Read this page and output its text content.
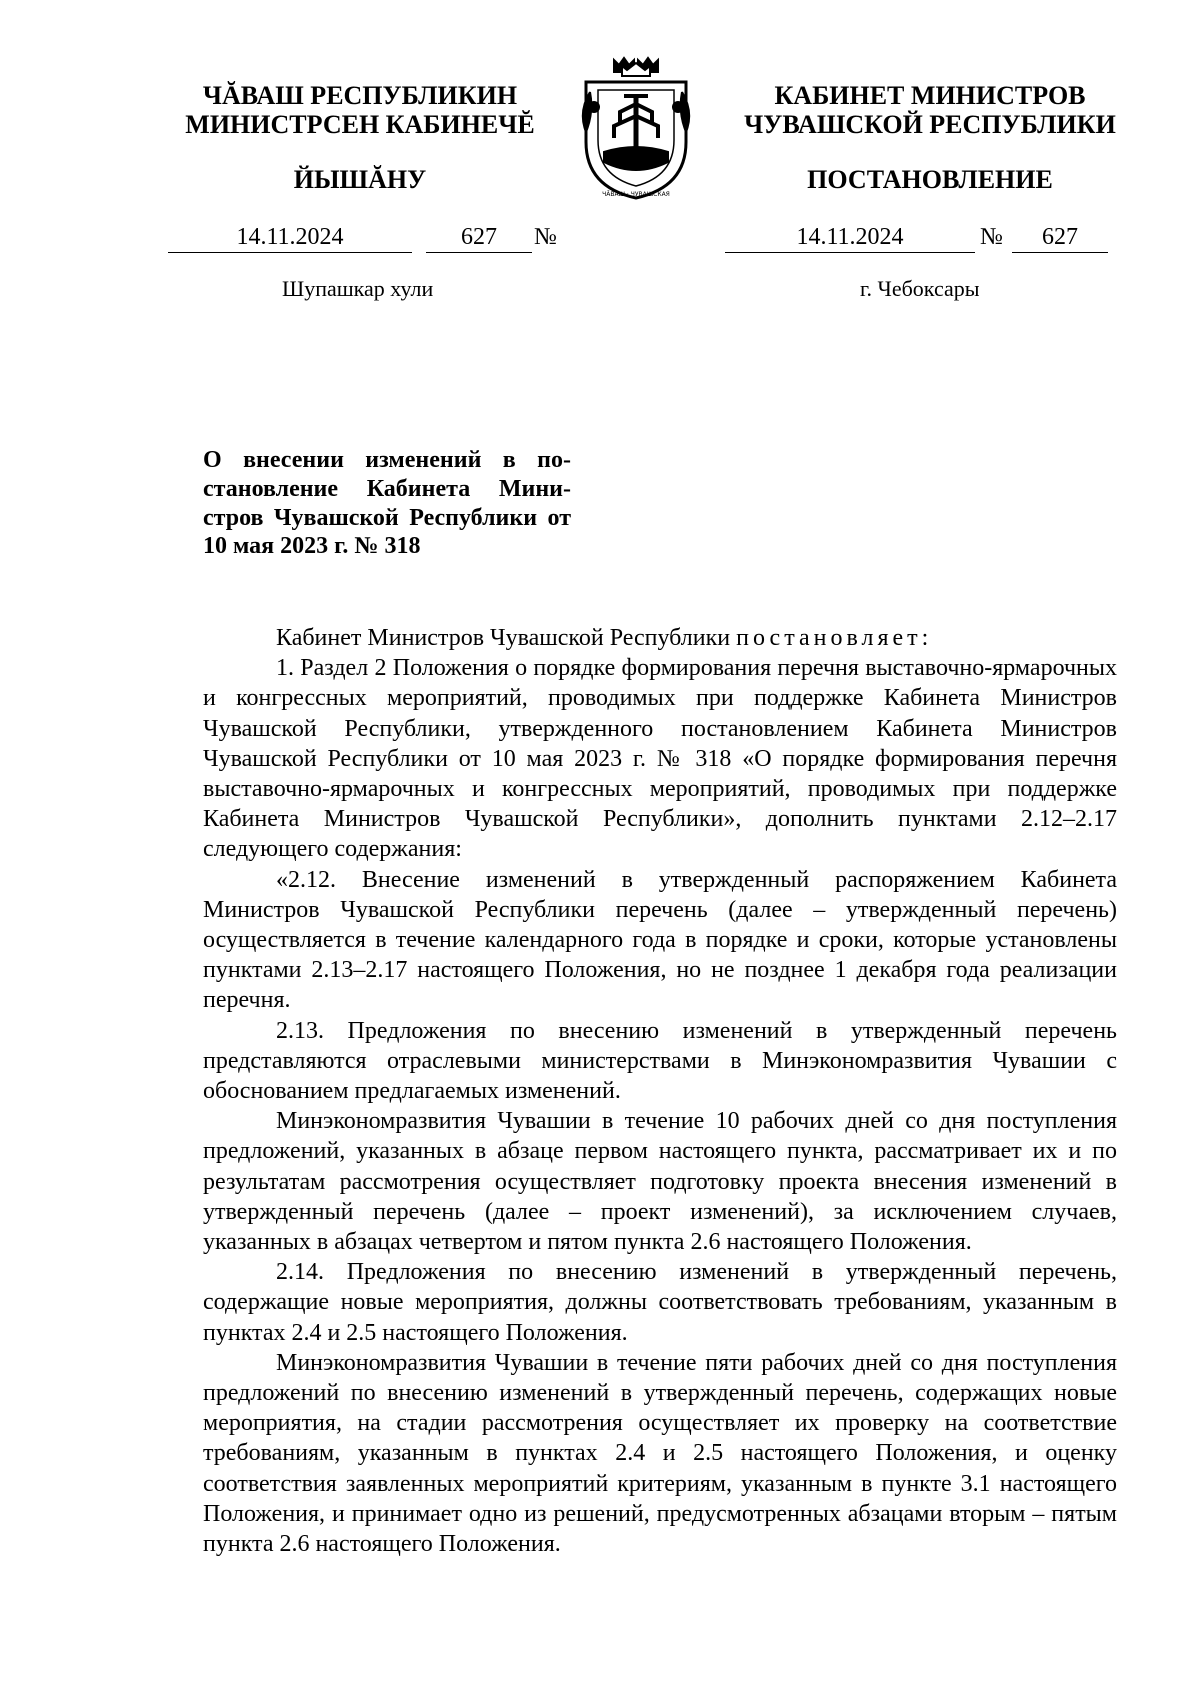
ЧĂВАШ РЕСПУБЛИКИН
МИНИСТРСЕН КАБИНЕЧĔ
ЙЫШĂНУ
КАБИНЕТ МИНИСТРОВ
ЧУВАШСКОЙ РЕСПУБЛИКИ
ПОСТАНОВЛЕНИЕ
ЧĂВАШ · ЧУВАШСКАЯ
14.11.2024	627	№	14.11.2024	№	627
Шупашкар хули	г. Чебоксары
О внесении изменений в по-становление Кабинета Мини-стров Чувашской Республики от 10 мая 2023 г. № 318

Кабинет Министров Чувашской Республики постановляет:

1. Раздел 2 Положения о порядке формирования перечня выставочно-ярмарочных и конгрессных мероприятий, проводимых при поддержке Кабинета Министров Чувашской Республики, утвержденного постановлением Кабинета Министров Чувашской Республики от 10 мая 2023 г. № 318 «О порядке формирования перечня выставочно-ярмарочных и конгрессных мероприятий, проводимых при поддержке Кабинета Министров Чувашской Республики», дополнить пунктами 2.12–2.17 следующего содержания:

«2.12. Внесение изменений в утвержденный распоряжением Кабинета Министров Чувашской Республики перечень (далее – утвержденный перечень) осуществляется в течение календарного года в порядке и сроки, которые установлены пунктами 2.13–2.17 настоящего Положения, но не позднее 1 декабря года реализации перечня.

2.13. Предложения по внесению изменений в утвержденный перечень представляются отраслевыми министерствами в Минэкономразвития Чувашии с обоснованием предлагаемых изменений.

Минэкономразвития Чувашии в течение 10 рабочих дней со дня поступления предложений, указанных в абзаце первом настоящего пункта, рассматривает их и по результатам рассмотрения осуществляет подготовку проекта внесения изменений в утвержденный перечень (далее – проект изменений), за исключением случаев, указанных в абзацах четвертом и пятом пункта 2.6 настоящего Положения.

2.14. Предложения по внесению изменений в утвержденный перечень, содержащие новые мероприятия, должны соответствовать требованиям, указанным в пунктах 2.4 и 2.5 настоящего Положения.

Минэкономразвития Чувашии в течение пяти рабочих дней со дня поступления предложений по внесению изменений в утвержденный перечень, содержащих новые мероприятия, на стадии рассмотрения осуществляет их проверку на соответствие требованиям, указанным в пунктах 2.4 и 2.5 настоящего Положения, и оценку соответствия заявленных мероприятий критериям, указанным в пункте 3.1 настоящего Положения, и принимает одно из решений, предусмотренных абзацами вторым – пятым пункта 2.6 настоящего Положения.
